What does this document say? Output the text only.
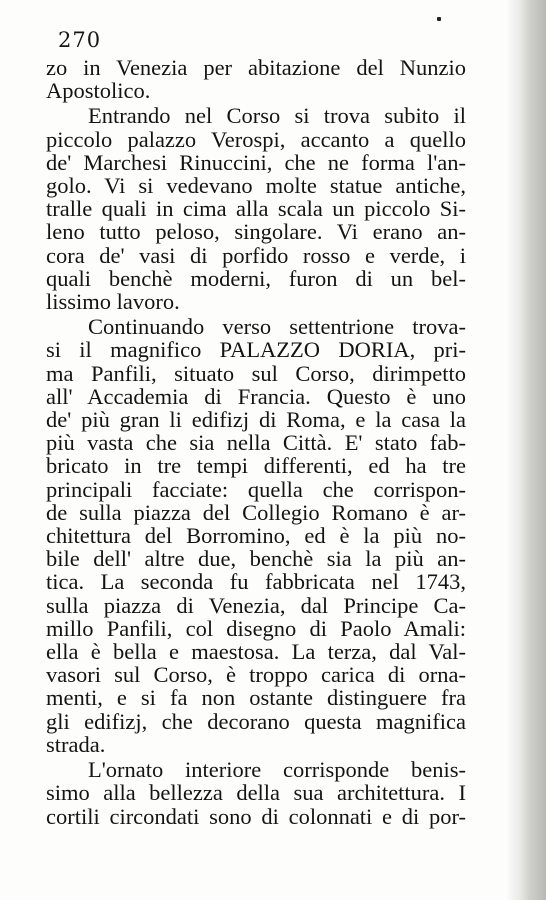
270
zo in Venezia per abitazione del Nunzio
Apostolico.
Entrando nel Corso si trova subito il
piccolo palazzo Verospi, accanto a quello
de' Marchesi Rinuccini, che ne forma l'an-
golo. Vi si vedevano molte statue antiche,
tralle quali in cima alla scala un piccolo Si-
leno tutto peloso, singolare. Vi erano an-
cora de' vasi di porfido rosso e verde, i
quali benchè moderni, furon di un bel-
lissimo lavoro.
Continuando verso settentrione trova-
si il magnifico PALAZZO DORIA, pri-
ma Panfili, situato sul Corso, dirimpetto
all' Accademia di Francia. Questo è uno
de' più gran li edifizj di Roma, e la casa la
più vasta che sia nella Città. E' stato fab-
bricato in tre tempi differenti, ed ha tre
principali facciate: quella che corrispon-
de sulla piazza del Collegio Romano è ar-
chitettura del Borromino, ed è la più no-
bile dell' altre due, benchè sia la più an-
tica. La seconda fu fabbricata nel 1743,
sulla piazza di Venezia, dal Principe Ca-
millo Panfili, col disegno di Paolo Amali:
ella è bella e maestosa. La terza, dal Val-
vasori sul Corso, è troppo carica di orna-
menti, e si fa non ostante distinguere fra
gli edifizj, che decorano questa magnifica
strada.
L'ornato interiore corrisponde benis-
simo alla bellezza della sua architettura. I
cortili circondati sono di colonnati e di por-
